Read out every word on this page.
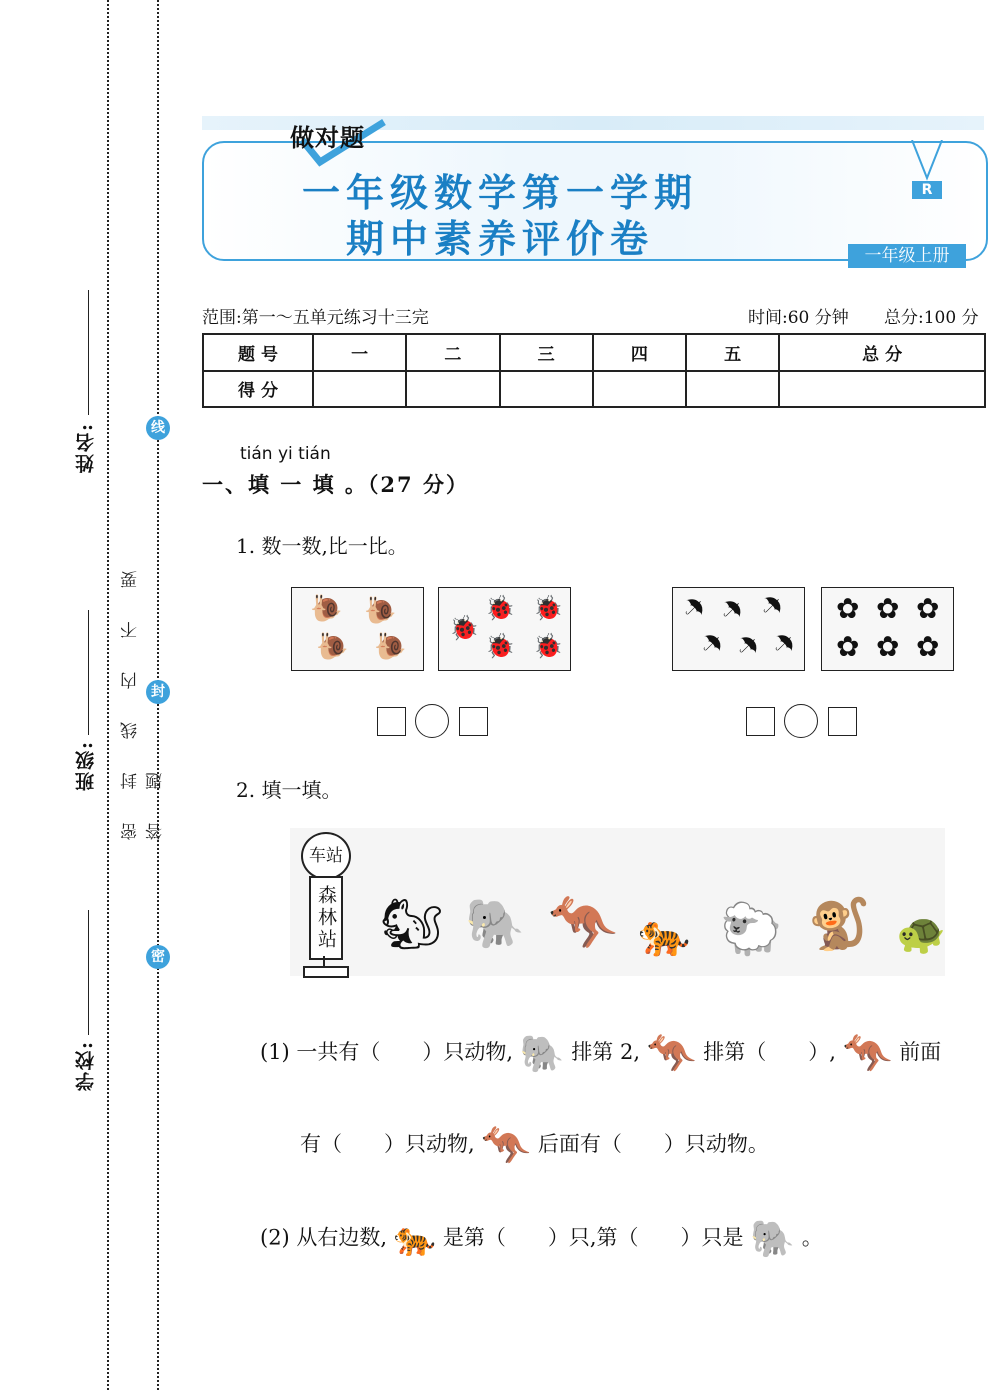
姓名:
班级:
学校:
密 封 线 内 不 要 答 题
线
封
密
做对题
一年级数学第一学期
期中素养评价卷
R
一年级上册
范围:第一～五单元练习十三完	时间:60 分钟 总分:100 分
题 号	一	二	三	四	五	总 分
得 分						
tián yi tián
一、填 一 填 。（27 分）
1. 数一数,比一比。
🐌 🐌
🐌 🐌
🐞
🐞
🐞
🐞
🐞
☂ ☂ ☂
☂
☂
☂
✿ ✿ ✿
✿ ✿ ✿
2. 填一填。
车站
森林站 🐿 🐘 🦘 🐅 🐑 🐒 🐢
(1) 一共有（　　）只动物, 🐘 排第 2, 🦘 排第（　　）, 🦘 前面
有（　　）只动物, 🦘 后面有（　　）只动物。
(2) 从右边数, 🐅 是第（　　）只,第（　　）只是 🐘 。
